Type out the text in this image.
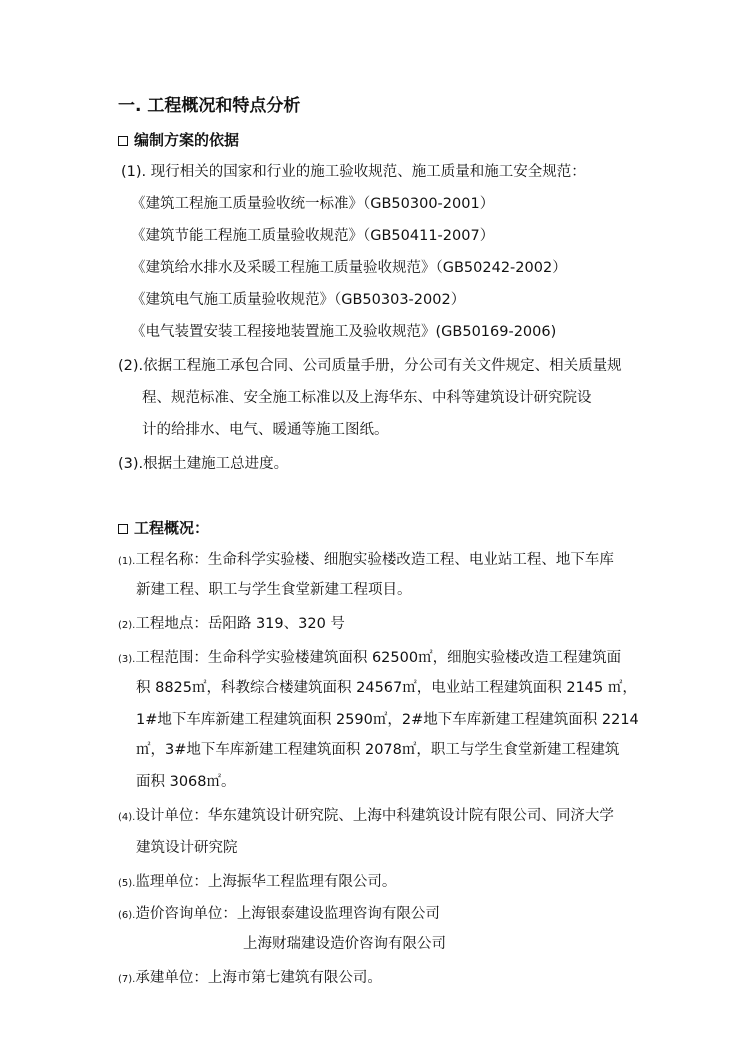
一. 工程概况和特点分析
编制方案的依据
(1). 现行相关的国家和行业的施工验收规范、施工质量和施工安全规范：
《建筑工程施工质量验收统一标准》（GB50300-2001）
《建筑节能工程施工质量验收规范》（GB50411-2007）
《建筑给水排水及采暖工程施工质量验收规范》（GB50242-2002）
《建筑电气施工质量验收规范》（GB50303-2002）
《电气装置安装工程接地装置施工及验收规范》(GB50169-2006)
(2).依据工程施工承包合同、公司质量手册，分公司有关文件规定、相关质量规
程、规范标准、安全施工标准以及上海华东、中科等建筑设计研究院设
计的给排水、电气、暖通等施工图纸。
(3).根据土建施工总进度。
工程概况：
(1).工程名称：生命科学实验楼、细胞实验楼改造工程、电业站工程、地下车库
新建工程、职工与学生食堂新建工程项目。
(2).工程地点：岳阳路 319、320 号
(3).工程范围：生命科学实验楼建筑面积 62500㎡，细胞实验楼改造工程建筑面
积 8825㎡，科教综合楼建筑面积 24567㎡，电业站工程建筑面积 2145 ㎡，
1#地下车库新建工程建筑面积 2590㎡，2#地下车库新建工程建筑面积 2214
㎡，3#地下车库新建工程建筑面积 2078㎡，职工与学生食堂新建工程建筑
面积 3068㎡。
(4).设计单位：华东建筑设计研究院、上海中科建筑设计院有限公司、同济大学
建筑设计研究院
(5).监理单位：上海振华工程监理有限公司。
(6).造价咨询单位：上海银泰建设监理咨询有限公司
上海财瑞建设造价咨询有限公司
(7).承建单位：上海市第七建筑有限公司。
